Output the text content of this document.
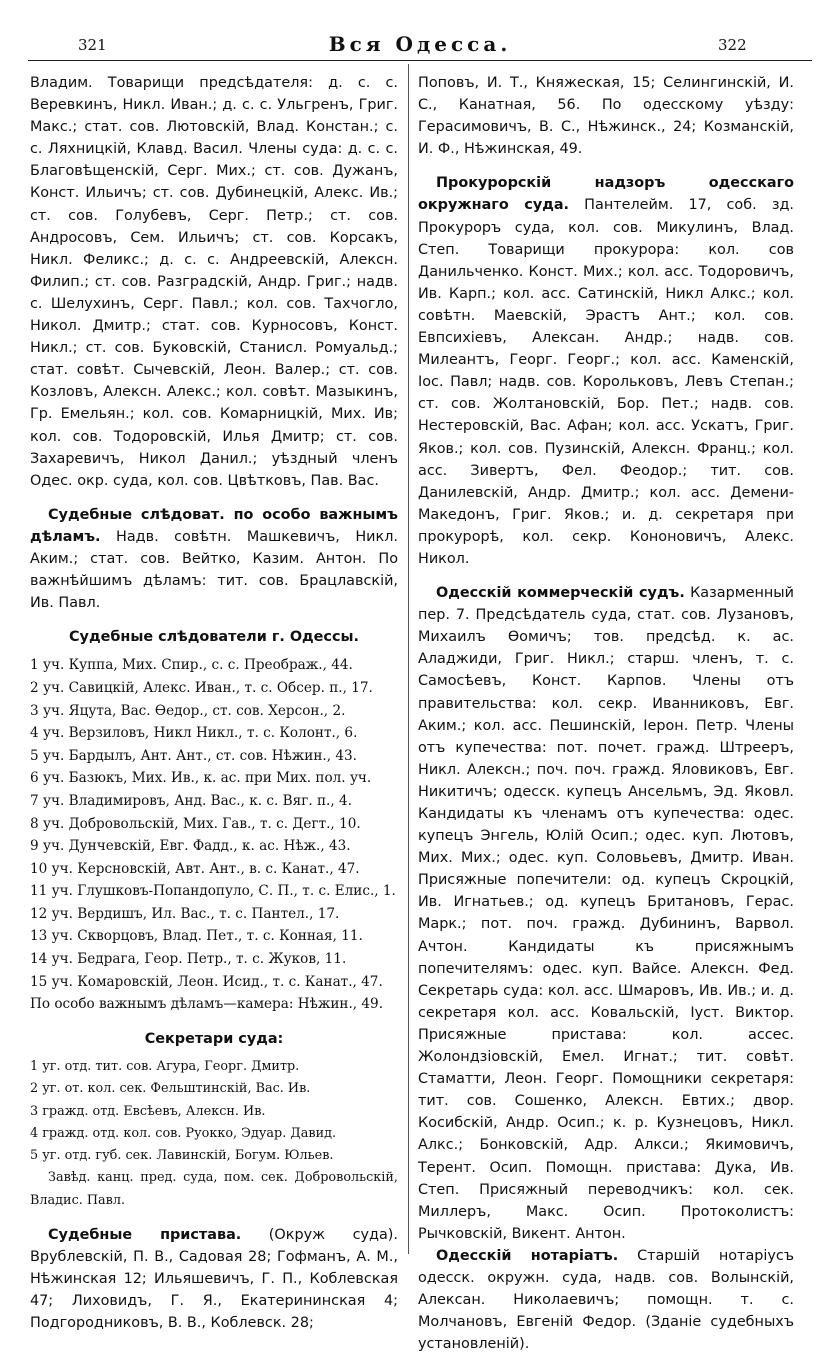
321	Вся Одесса.	322

Владим. Товарищи предсѣдателя: д. с. с. Веревкинъ, Никл. Иван.; д. с. с. Ульгренъ, Григ. Макс.; стат. сов. Лютовскій, Влад. Констан.; с. с. Ляхницкій, Клавд. Васил. Члены суда: д. с. с. Благовѣщенскій, Серг. Мих.; ст. сов. Дужанъ, Конст. Ильичъ; ст. сов. Дубинецкій, Алекс. Ив.; ст. сов. Голубевъ, Серг. Петр.; ст. сов. Андросовъ, Сем. Ильичъ; ст. сов. Корсакъ, Никл. Феликс.; д. с. с. Андреевскій, Алексн. Филип.; ст. сов. Разградскій, Андр. Григ.; надв. с. Шелухинъ, Серг. Павл.; кол. сов. Тахчогло, Никол. Дмитр.; стат. сов. Курносовъ, Конст. Никл.; ст. сов. Буковскій, Станисл. Ромуальд.; стат. совѣт. Сычевскій, Леон. Валер.; ст. сов. Козловъ, Алексн. Алекс.; кол. совѣт. Мазыкинъ, Гр. Емельян.; кол. сов. Комарницкій, Мих. Ив; кол. сов. Тодоровскій, Илья Дмитр; ст. сов. Захаревичъ, Никол Данил.; уѣздный членъ Одес. окр. суда, кол. сов. Цвѣтковъ, Пав. Вас.

Судебные слѣдоват. по особо важнымъ дѣламъ. Надв. совѣтн. Машкевичъ, Никл. Аким.; стат. сов. Вейтко, Казим. Антон. По важнѣйшимъ дѣламъ: тит. сов. Брацлавскій, Ив. Павл.

Судебные слѣдователи г. Одессы.
1 уч. Куппа, Мих. Спир., с. с. Преображ., 44.
2 уч. Савицкій, Алекс. Иван., т. с. Обсер. п., 17.
3 уч. Яцута, Вас. Ѳедор., ст. сов. Херсон., 2.
4 уч. Верзиловъ, Никл Никл., т. с. Колонт., 6.
5 уч. Бардылъ, Ант. Ант., ст. сов. Нѣжин., 43.
6 уч. Базюкъ, Мих. Ив., к. ас. при Мих. пол. уч.
7 уч. Владимировъ, Анд. Вас., к. с. Вяг. п., 4.
8 уч. Добровольскій, Мих. Гав., т. с. Дегт., 10.
9 уч. Дунчевскій, Евг. Фадд., к. ас. Нѣж., 43.
10 уч. Керсновскій, Авт. Ант., в. с. Канат., 47.
11 уч. Глушковъ-Попандопуло, С. П., т. с. Елис., 1.
12 уч. Вердишъ, Ил. Вас., т. с. Пантел., 17.
13 уч. Скворцовъ, Влад. Пет., т. с. Конная, 11.
14 уч. Бедрага, Геор. Петр., т. с. Жуков, 11.
15 уч. Комаровскій, Леон. Исид., т. с. Канат., 47.
По особо важнымъ дѣламъ—камера: Нѣжин., 49.
Секретари суда:
1 уг. отд. тит. сов. Агура, Георг. Дмитр.
2 уг. от. кол. сек. Фельштинскій, Вас. Ив.
3 гражд. отд. Евсѣевъ, Алексн. Ив.
4 гражд. отд. кол. сов. Руокко, Эдуар. Давид.
5 уг. отд. губ. сек. Лавинскій, Богум. Юльев.
Завѣд. канц. пред. суда, пом. сек. Добровольскій, Владис. Павл.

Судебные пристава. (Окруж суда). Врублевскій, П. В., Садовая 28; Гофманъ, А. М., Нѣжинская 12; Ильяшевичъ, Г. П., Коблевская 47; Лиховидъ, Г. Я., Екатерининская 4; Подгородниковъ, В. В., Коблевск. 28;

Поповъ, И. Т., Княжеская, 15; Селингинскій, И. С., Канатная, 56. По одесскому уѣзду: Герасимовичъ, В. С., Нѣжинск., 24; Козманскій, И. Ф., Нѣжинская, 49.

Прокурорскій надзоръ одесскаго окружнаго суда. Пантелейм. 17, соб. зд. Прокуроръ суда, кол. сов. Микулинъ, Влад. Степ. Товарищи прокурора: кол. сов Данильченко. Конст. Мих.; кол. асс. Тодоровичъ, Ив. Карп.; кол. асс. Сатинскій, Никл Алкс.; кол. совѣтн. Маевскій, Эрастъ Ант.; кол. сов. Евпсихіевъ, Алексан. Андр.; надв. сов. Милеантъ, Георг. Георг.; кол. асс. Каменскій, Іос. Павл; надв. сов. Корольковъ, Левъ Степан.; ст. сов. Жолтановскій, Бор. Пет.; надв. сов. Нестеровскій, Вас. Афан; кол. асс. Ускатъ, Григ. Яков.; кол. сов. Пузинскій, Алексн. Франц.; кол. асс. Зивертъ, Фел. Феодор.; тит. сов. Данилевскій, Андр. Дмитр.; кол. асс. Демени-Македонъ, Григ. Яков.; и. д. секретаря при прокурорѣ, кол. секр. Кононовичъ, Алекс. Никол.

Одесскій коммерческій судъ. Казарменный пер. 7. Предсѣдатель суда, стат. сов. Лузановъ, Михаилъ Ѳомичъ; тов. предсѣд. к. ас. Аладжиди, Григ. Никл.; старш. членъ, т. с. Самосѣевъ, Конст. Карпов. Члены отъ правительства: кол. секр. Иванниковъ, Евг. Аким.; кол. асс. Пешинскій, Іерон. Петр. Члены отъ купечества: пот. почет. гражд. Штрееръ, Никл. Алексн.; поч. поч. гражд. Яловиковъ, Евг. Никитичъ; одесск. купецъ Ансельмъ, Эд. Яковл. Кандидаты къ членамъ отъ купечества: одес. купецъ Энгель, Юлій Осип.; одес. куп. Лютовъ, Мих. Мих.; одес. куп. Соловьевъ, Дмитр. Иван. Присяжные попечители: од. купецъ Скроцкій, Ив. Игнатьев.; од. купецъ Британовъ, Герас. Марк.; пот. поч. гражд. Дубининъ, Варвол. Ачтон. Кандидаты къ присяжнымъ попечителямъ: одес. куп. Вайсе. Алексн. Фед. Секретарь суда: кол. асс. Шмаровъ, Ив. Ив.; и. д. секретаря кол. асс. Ковальскій, Іуст. Виктор. Присяжные пристава: кол. ассес. Жолондзіовскій, Емел. Игнат.; тит. совѣт. Стаматти, Леон. Георг. Помощники секретаря: тит. сов. Сошенко, Алексн. Евтих.; двор. Косибскій, Андр. Осип.; к. р. Кузнецовъ, Никл. Алкс.; Бонковскій, Адр. Алкси.; Якимовичъ, Терент. Осип. Помощн. пристава: Дука, Ив. Степ. Присяжный переводчикъ: кол. сек. Миллеръ, Макс. Осип. Протоколистъ: Рычковскій, Викент. Антон.

Одесскій нотаріатъ. Старшій нотаріусъ одесск. окружн. суда, надв. сов. Волынскій, Алексан. Николаевичъ; помощн. т. с. Молчановъ, Евгеній Федор. (Зданіе судебныхъ установленій).
